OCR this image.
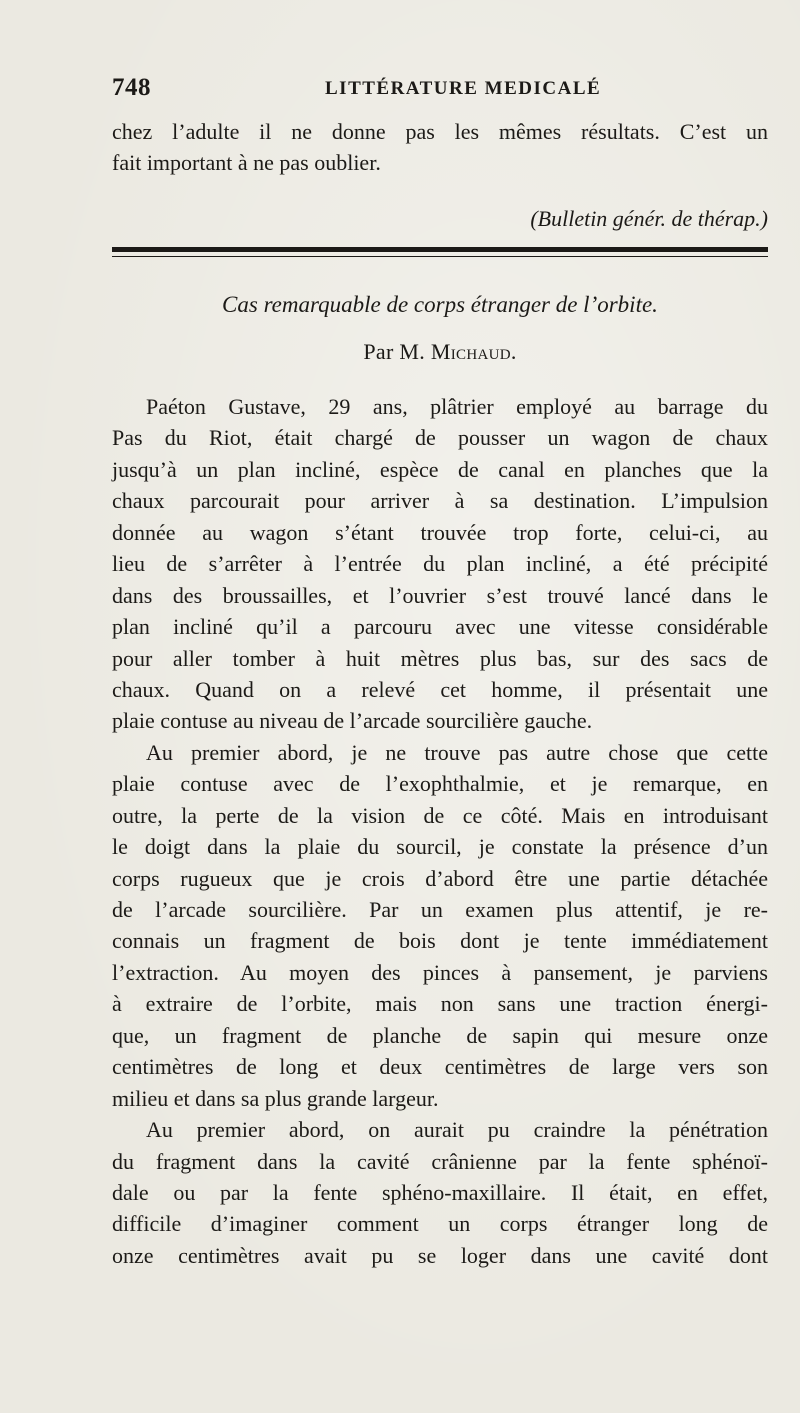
748	LITTÉRATURE MEDICALÉ
chez l’adulte il ne donne pas les mêmes résultats. C’est un
fait important à ne pas oublier.
(Bulletin génér. de thérap.)
Cas remarquable de corps étranger de l’orbite.
Par M. Michaud.
Paéton Gustave, 29 ans, plâtrier employé au barrage du
Pas du Riot, était chargé de pousser un wagon de chaux
jusqu’à un plan incliné, espèce de canal en planches que la
chaux parcourait pour arriver à sa destination. L’impulsion
donnée au wagon s’étant trouvée trop forte, celui-ci, au
lieu de s’arrêter à l’entrée du plan incliné, a été précipité
dans des broussailles, et l’ouvrier s’est trouvé lancé dans le
plan incliné qu’il a parcouru avec une vitesse considérable
pour aller tomber à huit mètres plus bas, sur des sacs de
chaux. Quand on a relevé cet homme, il présentait une
plaie contuse au niveau de l’arcade sourcilière gauche.
Au premier abord, je ne trouve pas autre chose que cette
plaie contuse avec de l’exophthalmie, et je remarque, en
outre, la perte de la vision de ce côté. Mais en introduisant
le doigt dans la plaie du sourcil, je constate la présence d’un
corps rugueux que je crois d’abord être une partie détachée
de l’arcade sourcilière. Par un examen plus attentif, je re-
connais un fragment de bois dont je tente immédiatement
l’extraction. Au moyen des pinces à pansement, je parviens
à extraire de l’orbite, mais non sans une traction énergi-
que, un fragment de planche de sapin qui mesure onze
centimètres de long et deux centimètres de large vers son
milieu et dans sa plus grande largeur.
Au premier abord, on aurait pu craindre la pénétration
du fragment dans la cavité crânienne par la fente sphénoï-
dale ou par la fente sphéno-maxillaire. Il était, en effet,
difficile d’imaginer comment un corps étranger long de
onze centimètres avait pu se loger dans une cavité dont
